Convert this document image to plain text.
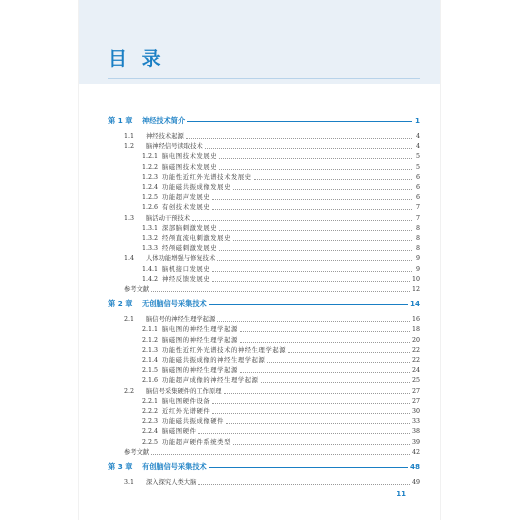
目 录
第 1 章	神经技术简介	1
1.1	神经技术起源	4
1.2	脑神经信号读取技术	4
1.2.1 脑电图技术发展史	5
1.2.2 脑磁图技术发展史	5
1.2.3 功能性近红外光谱技术发展史	6
1.2.4 功能磁共振成像发展史	6
1.2.5 功能超声发展史	6
1.2.6 有创技术发展史	7
1.3	脑活动干预技术	7
1.3.1 深部脑刺激发展史	8
1.3.2 经颅直流电刺激发展史	8
1.3.3 经颅磁刺激发展史	8
1.4	人体功能增强与修复技术	9
1.4.1 脑机接口发展史	9
1.4.2 神经反馈发展史	10
参考文献	12
第 2 章	无创脑信号采集技术	14
2.1	脑信号的神经生理学起源	16
2.1.1 脑电图的神经生理学起源	18
2.1.2 脑磁图的神经生理学起源	20
2.1.3 功能性近红外光谱技术的神经生理学起源	22
2.1.4 功能磁共振成像的神经生理学起源	22
2.1.5 脑磁图的神经生理学起源	24
2.1.6 功能超声成像的神经生理学起源	25
2.2	脑信号采集硬件的工作原理	27
2.2.1 脑电图硬件设备	27
2.2.2 近红外光谱硬件	30
2.2.3 功能磁共振成像硬件	33
2.2.4 脑磁图硬件	38
2.2.5 功能超声硬件系统类型	39
参考文献	42
第 3 章	有创脑信号采集技术	48
3.1	深入探究人类大脑	49
11
